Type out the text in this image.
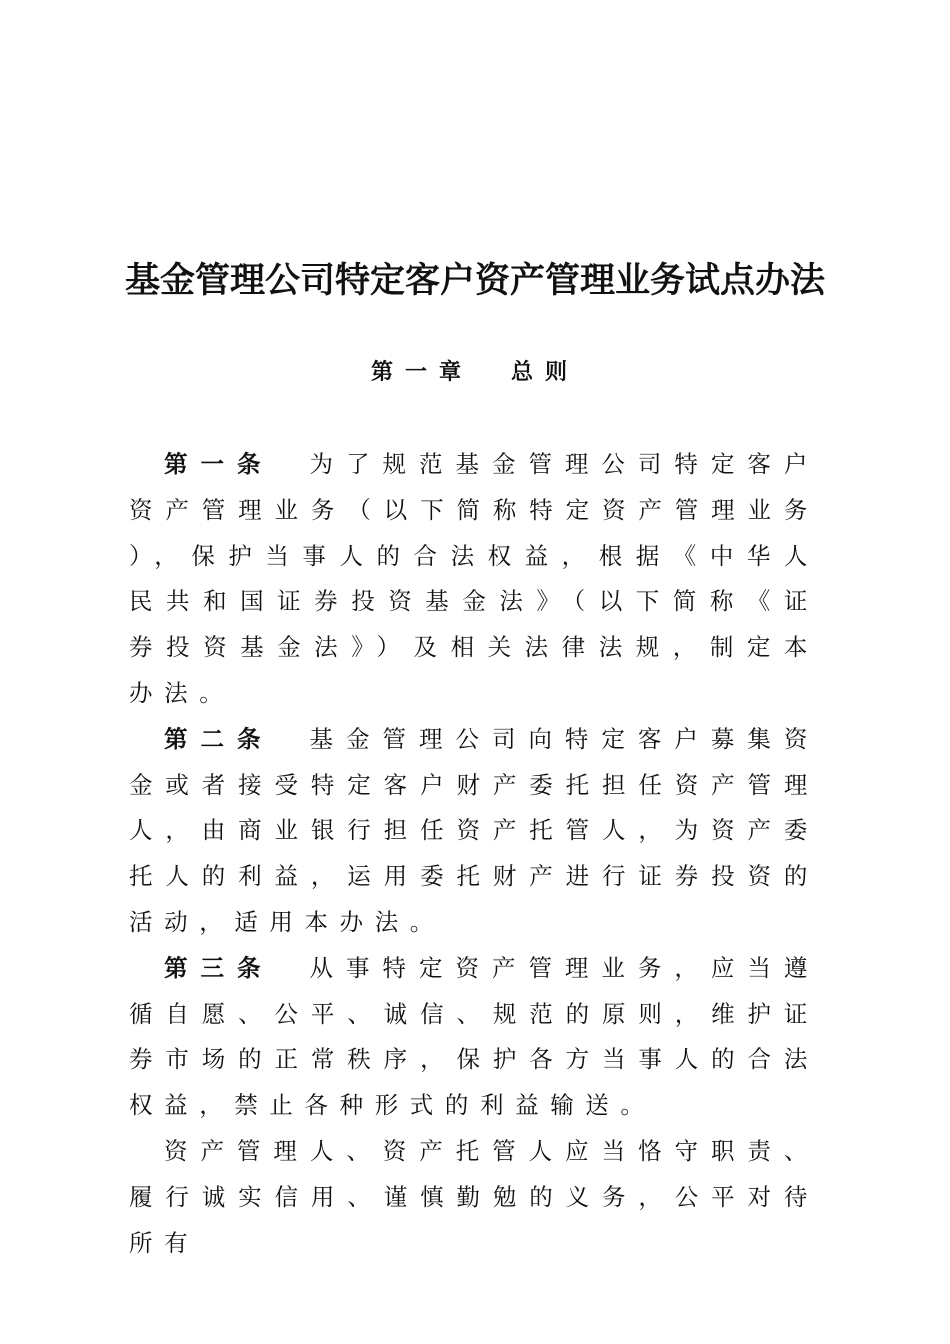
基金管理公司特定客户资产管理业务试点办法
第一章 总则

第一条 为了规范基金管理公司特定客户资产管理业务（以下简称特定资产管理业务），保护当事人的合法权益，根据《中华人民共和国证券投资基金法》（以下简称《证券投资基金法》）及相关法律法规，制定本办法。

第二条 基金管理公司向特定客户募集资金或者接受特定客户财产委托担任资产管理人，由商业银行担任资产托管人，为资产委托人的利益，运用委托财产进行证券投资的活动，适用本办法。

第三条 从事特定资产管理业务，应当遵循自愿、公平、诚信、规范的原则，维护证券市场的正常秩序，保护各方当事人的合法权益，禁止各种形式的利益输送。

资产管理人、资产托管人应当恪守职责、履行诚实信用、谨慎勤勉的义务，公平对待所有
